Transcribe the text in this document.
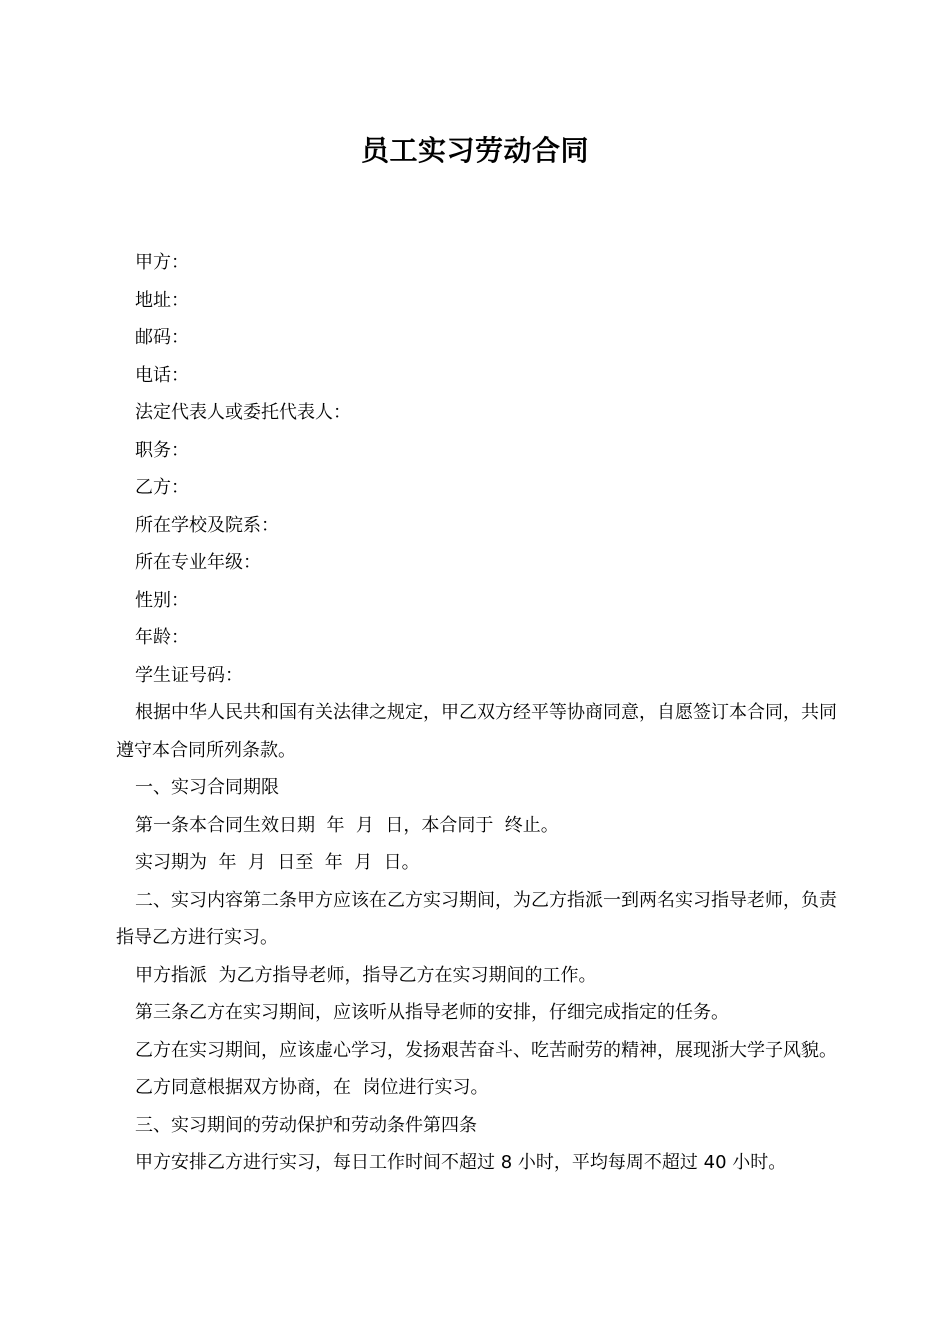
员工实习劳动合同

甲方：

地址：

邮码：

电话：

法定代表人或委托代表人：

职务：

乙方：

所在学校及院系：

所在专业年级：

性别：

年龄：

学生证号码：

根据中华人民共和国有关法律之规定，甲乙双方经平等协商同意，自愿签订本合同，共同遵守本合同所列条款。

一、实习合同期限

第一条本合同生效日期  年  月  日，本合同于  终止。

实习期为  年  月  日至  年  月  日。

二、实习内容第二条甲方应该在乙方实习期间，为乙方指派一到两名实习指导老师，负责指导乙方进行实习。

甲方指派  为乙方指导老师，指导乙方在实习期间的工作。

第三条乙方在实习期间，应该听从指导老师的安排，仔细完成指定的任务。

乙方在实习期间，应该虚心学习，发扬艰苦奋斗、吃苦耐劳的精神，展现浙大学子风貌。

乙方同意根据双方协商，在  岗位进行实习。

三、实习期间的劳动保护和劳动条件第四条

甲方安排乙方进行实习，每日工作时间不超过 8 小时，平均每周不超过 40 小时。
